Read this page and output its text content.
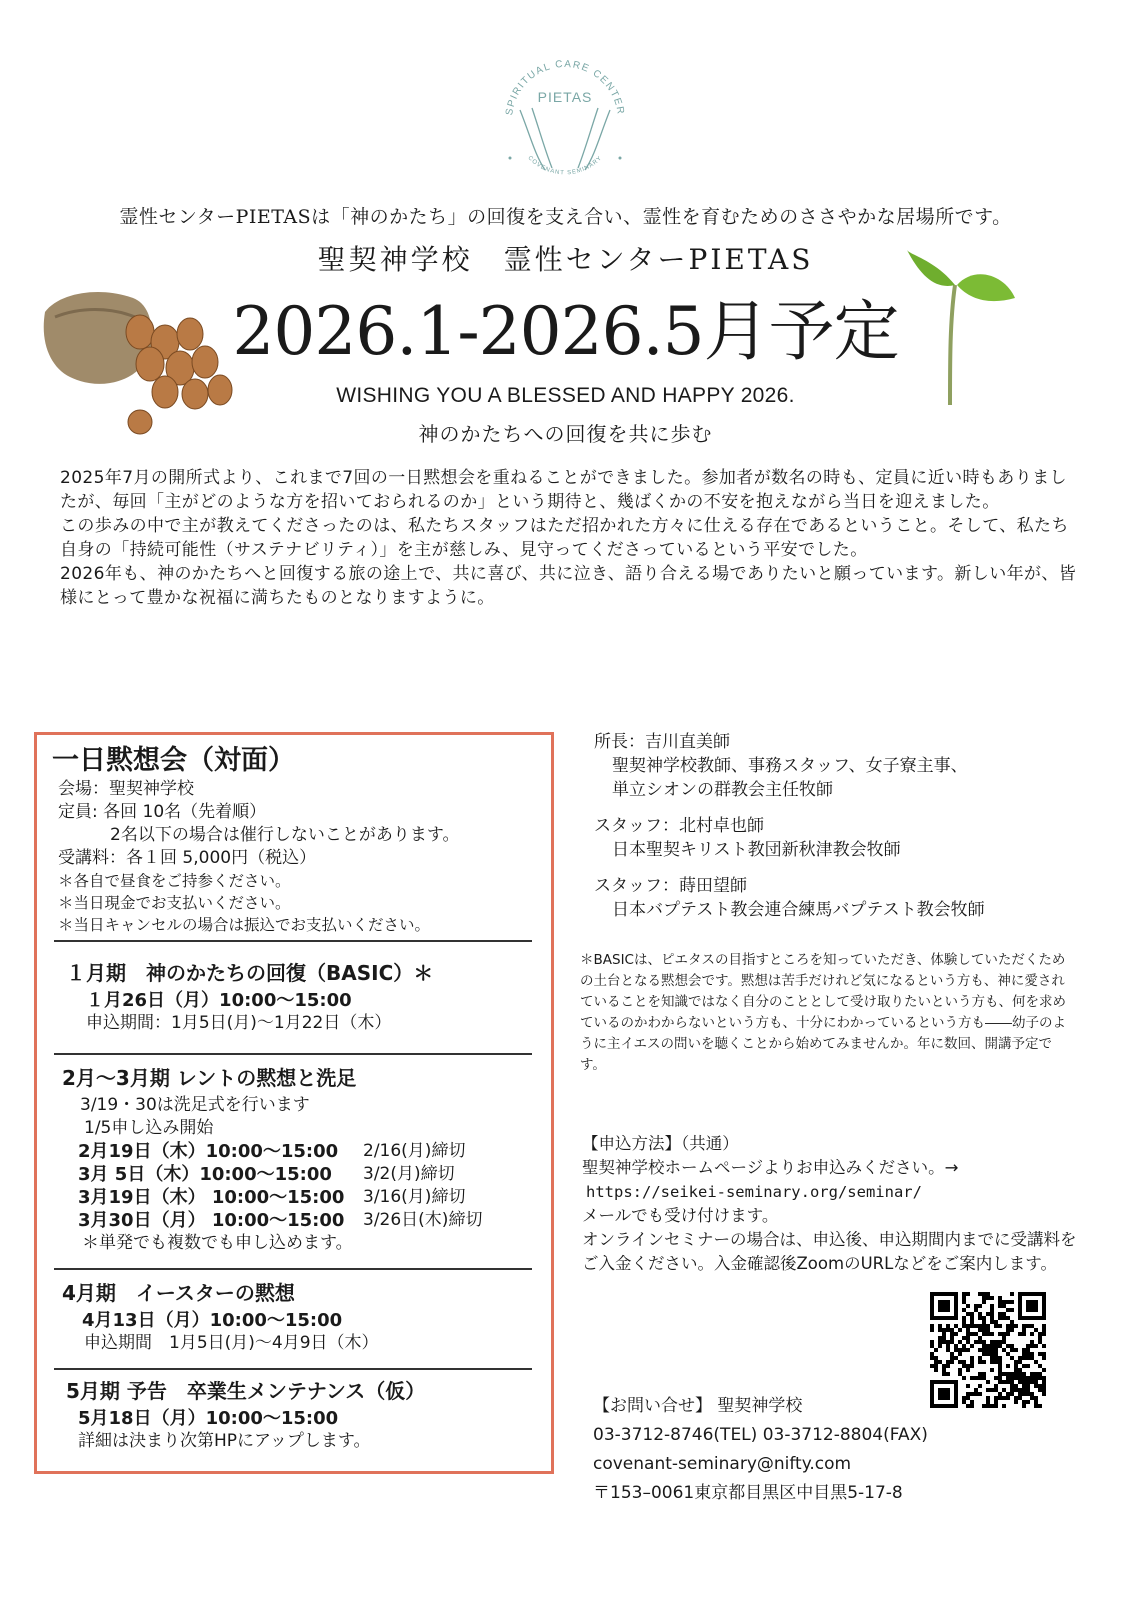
SPIRITUAL CARE CENTER
PIETAS
COVENANT SEMINARY
霊性センターPIETASは「神のかたち」の回復を支え合い、霊性を育むためのささやかな居場所です。
聖契神学校　霊性センターPIETAS
2026.1-2026.5月予定
WISHING YOU A BLESSED AND HAPPY 2026.
神のかたちへの回復を共に歩む

2025年7月の開所式より、これまで7回の一日黙想会を重ねることができました。参加者が数名の時も、定員に近い時もありましたが、毎回「主がどのような方を招いておられるのか」という期待と、幾ばくかの不安を抱えながら当日を迎えました。

この歩みの中で主が教えてくださったのは、私たちスタッフはただ招かれた方々に仕える存在であるということ。そして、私たち自身の「持続可能性（サステナビリティ）」を主が慈しみ、見守ってくださっているという平安でした。

2026年も、神のかたちへと回復する旅の途上で、共に喜び、共に泣き、語り合える場でありたいと願っています。新しい年が、皆様にとって豊かな祝福に満ちたものとなりますように。

一日黙想会（対面）
会場：聖契神学校
定員: 各回 10名（先着順）
2名以下の場合は催行しないことがあります。
受講料：各１回 5,000円（税込）
＊各自で昼食をご持参ください。
＊当日現金でお支払いください。
＊当日キャンセルの場合は振込でお支払いください。
１月期　神のかたちの回復（BASIC）＊
１月26日（月）10:00〜15:00
申込期間：1月5日(月)〜1月22日（木）
2月〜3月期 レントの黙想と洗足
3/19・30は洗足式を行います
1/5申し込み開始
2月19日（木）10:00〜15:00	2/16(月)締切
3月 5日（木）10:00〜15:00	3/2(月)締切
3月19日（木） 10:00〜15:00	3/16(月)締切
3月30日（月） 10:00〜15:00	3/26日(木)締切
＊単発でも複数でも申し込めます。
4月期　イースターの黙想
4月13日（月）10:00〜15:00
申込期間　1月5日(月)〜4月9日（木）
5月期 予告　卒業生メンテナンス（仮）
5月18日（月）10:00〜15:00
詳細は決まり次第HPにアップします。
所長：吉川直美師
聖契神学校教師、事務スタッフ、女子寮主事、
単立シオンの群教会主任牧師
スタッフ：北村卓也師
日本聖契キリスト教団新秋津教会牧師
スタッフ：蒔田望師
日本バプテスト教会連合練馬バプテスト教会牧師
＊BASICは、ピエタスの目指すところを知っていただき、体験していただくための土台となる黙想会です。黙想は苦手だけれど気になるという方も、神に愛されていることを知識ではなく自分のこととして受け取りたいという方も、何を求めているのかわからないという方も、十分にわかっているという方も――幼子のように主イエスの問いを聴くことから始めてみませんか。年に数回、開講予定です。
【申込方法】（共通）
聖契神学校ホームページよりお申込みください。→
https://seikei-seminary.org/seminar/
メールでも受け付けます。
オンラインセミナーの場合は、申込後、申込期間内までに受講料をご入金ください。入金確認後ZoomのURLなどをご案内します。
【お問い合せ】 聖契神学校
03-3712-8746(TEL) 03-3712-8804(FAX)
covenant-seminary@nifty.com
〒153–0061東京都目黒区中目黒5-17-8
